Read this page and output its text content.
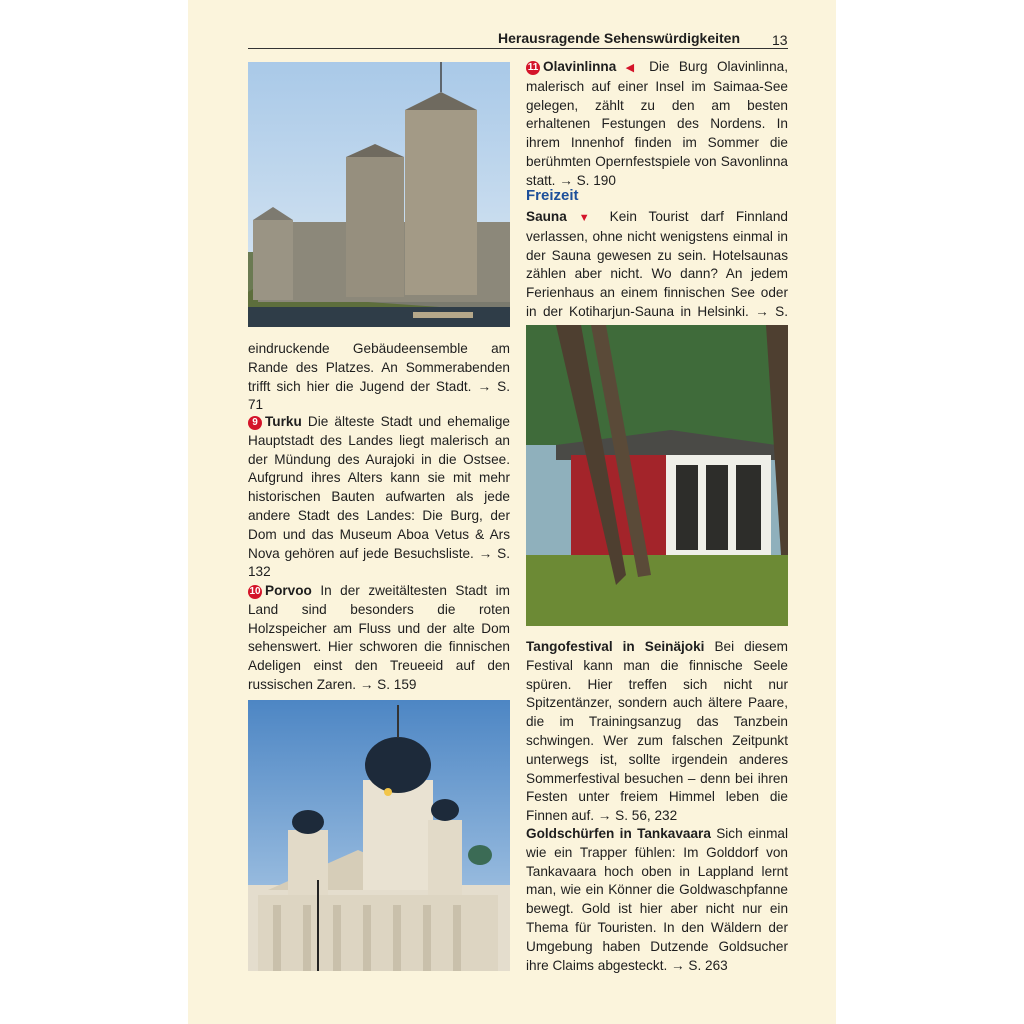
Herausragende Sehenswürdigkeiten 13

eindruckende Gebäudeensemble am Rande des Platzes. An Sommerabenden trifft sich hier die Jugend der Stadt. → S. 71

9 Turku Die älteste Stadt und ehemalige Hauptstadt des Landes liegt malerisch an der Mündung des Aurajoki in die Ostsee. Aufgrund ihres Alters kann sie mit mehr historischen Bauten aufwarten als jede andere Stadt des Landes: Die Burg, der Dom und das Museum Aboa Vetus & Ars Nova gehören auf jede Besuchsliste. → S. 132

10 Porvoo In der zweitältesten Stadt im Land sind besonders die roten Holzspeicher am Fluss und der alte Dom sehenswert. Hier schworen die finnischen Adeligen einst den Treueeid auf den russischen Zaren. → S. 159

11 Olavinlinna ◀ Die Burg Olavinlinna, malerisch auf einer Insel im Saimaa-See gelegen, zählt zu den am besten erhaltenen Festungen des Nordens. In ihrem Innenhof finden im Sommer die berühmten Opernfestspiele von Savonlinna statt. → S. 190

Freizeit

Sauna ▼ Kein Tourist darf Finnland verlassen, ohne nicht wenigstens einmal in der Sauna gewesen zu sein. Hotelsaunas zählen aber nicht. Wo dann? An jedem Ferienhaus an einem finnischen See oder in der Kotiharjun-Sauna in Helsinki. → S.

Tangofestival in Seinäjoki Bei diesem Festival kann man die finnische Seele spüren. Hier treffen sich nicht nur Spitzentänzer, sondern auch ältere Paare, die im Trainingsanzug das Tanzbein schwingen. Wer zum falschen Zeitpunkt unterwegs ist, sollte irgendein anderes Sommerfestival besuchen – denn bei ihren Festen unter freiem Himmel leben die Finnen auf. → S. 56, 232

Goldschürfen in Tankavaara Sich einmal wie ein Trapper fühlen: Im Golddorf von Tankavaara hoch oben in Lappland lernt man, wie ein Könner die Goldwaschpfanne bewegt. Gold ist hier aber nicht nur ein Thema für Touristen. In den Wäldern der Umgebung haben Dutzende Goldsucher ihre Claims abgesteckt. → S. 263
